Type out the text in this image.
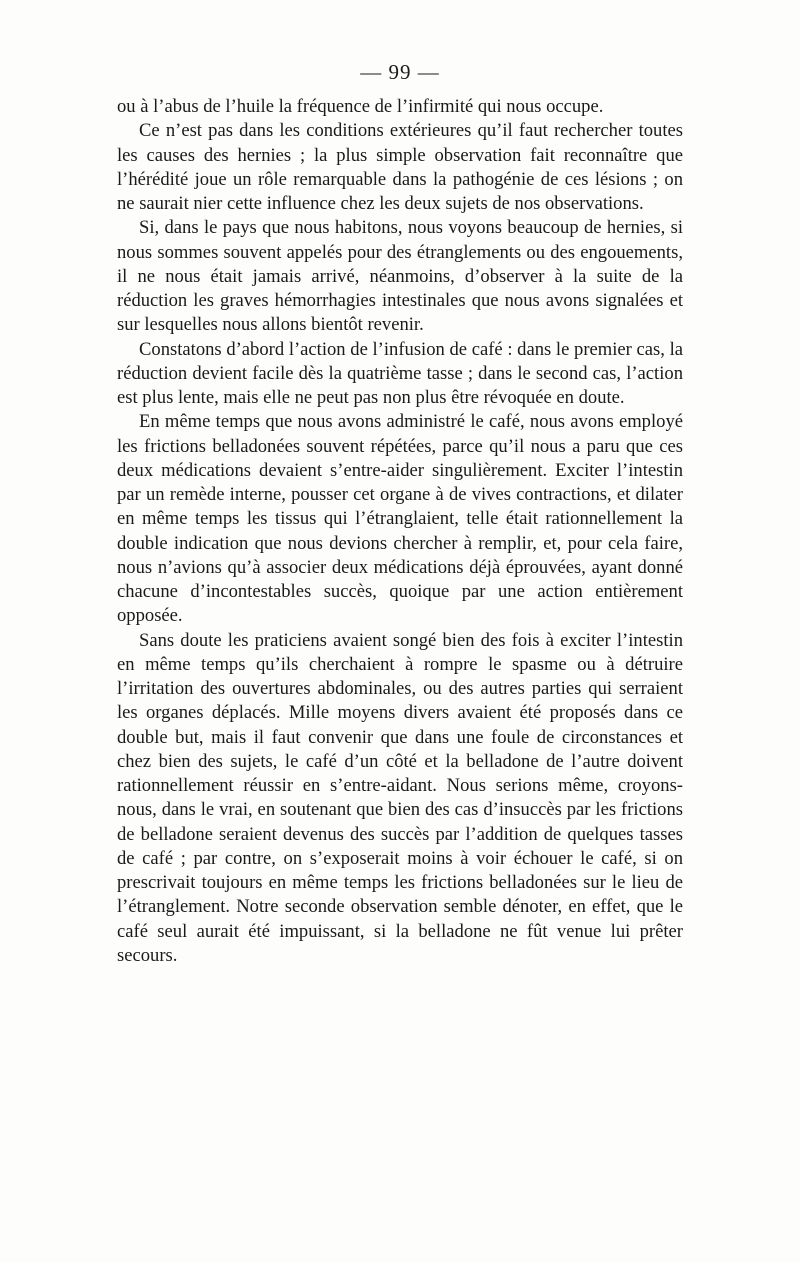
— 99 —

ou à l’abus de l’huile la fréquence de l’infirmité qui nous occupe.

Ce n’est pas dans les conditions extérieures qu’il faut rechercher toutes les causes des hernies ; la plus simple observation fait reconnaître que l’hérédité joue un rôle remarquable dans la pathogénie de ces lésions ; on ne saurait nier cette influence chez les deux sujets de nos observations.

Si, dans le pays que nous habitons, nous voyons beaucoup de hernies, si nous sommes souvent appelés pour des étranglements ou des engouements, il ne nous était jamais arrivé, néanmoins, d’observer à la suite de la réduction les graves hémorrhagies intestinales que nous avons signalées et sur lesquelles nous allons bientôt revenir.

Constatons d’abord l’action de l’infusion de café : dans le premier cas, la réduction devient facile dès la quatrième tasse ; dans le second cas, l’action est plus lente, mais elle ne peut pas non plus être révoquée en doute.

En même temps que nous avons administré le café, nous avons employé les frictions belladonées souvent répétées, parce qu’il nous a paru que ces deux médications devaient s’entre-aider singulièrement. Exciter l’intestin par un remède interne, pousser cet organe à de vives contractions, et dilater en même temps les tissus qui l’étranglaient, telle était rationnellement la double indication que nous devions chercher à remplir, et, pour cela faire, nous n’avions qu’à associer deux médications déjà éprouvées, ayant donné chacune d’incontestables succès, quoique par une action entièrement opposée.

Sans doute les praticiens avaient songé bien des fois à exciter l’intestin en même temps qu’ils cherchaient à rompre le spasme ou à détruire l’irritation des ouvertures abdominales, ou des autres parties qui serraient les organes déplacés. Mille moyens divers avaient été proposés dans ce double but, mais il faut convenir que dans une foule de circonstances et chez bien des sujets, le café d’un côté et la belladone de l’autre doivent rationnellement réussir en s’entre-aidant. Nous serions même, croyons-nous, dans le vrai, en soutenant que bien des cas d’insuccès par les frictions de belladone seraient devenus des succès par l’addition de quelques tasses de café ; par contre, on s’exposerait moins à voir échouer le café, si on prescrivait toujours en même temps les frictions belladonées sur le lieu de l’étranglement. Notre seconde observation semble dénoter, en effet, que le café seul aurait été impuissant, si la belladone ne fût venue lui prêter secours.
